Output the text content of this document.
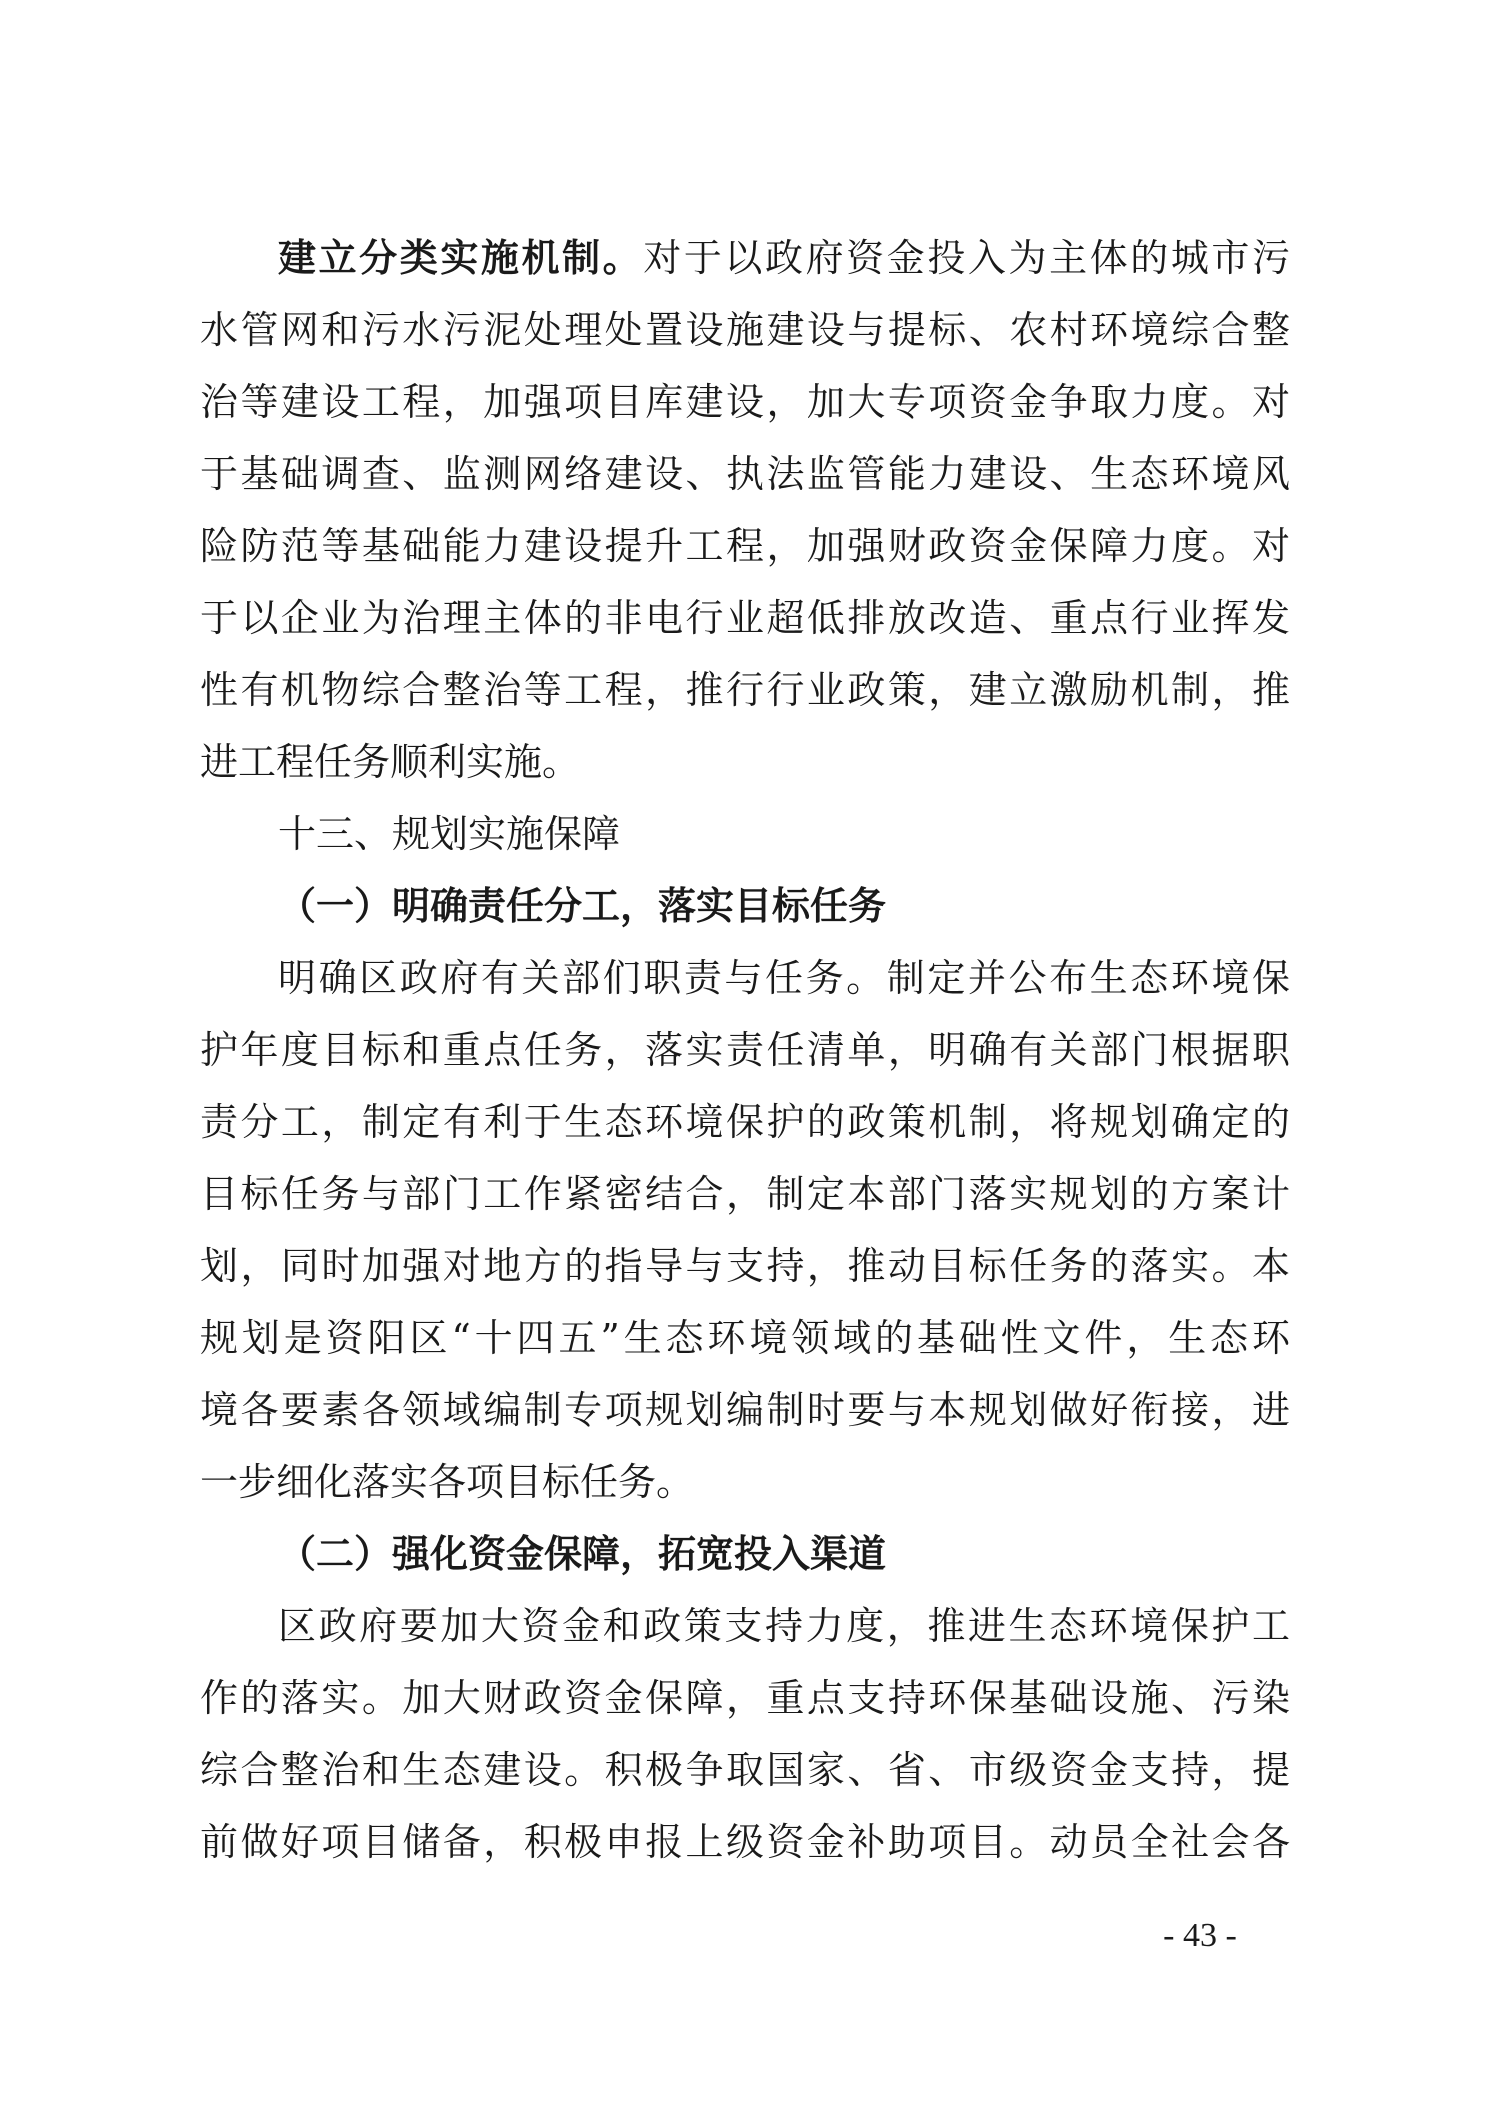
建立分类实施机制。对于以政府资金投入为主体的城市污
水管网和污水污泥处理处置设施建设与提标、农村环境综合整
治等建设工程，加强项目库建设，加大专项资金争取力度。对
于基础调查、监测网络建设、执法监管能力建设、生态环境风
险防范等基础能力建设提升工程，加强财政资金保障力度。对
于以企业为治理主体的非电行业超低排放改造、重点行业挥发
性有机物综合整治等工程，推行行业政策，建立激励机制，推
进工程任务顺利实施。
十三、规划实施保障
（一）明确责任分工，落实目标任务
明确区政府有关部们职责与任务。制定并公布生态环境保
护年度目标和重点任务，落实责任清单，明确有关部门根据职
责分工，制定有利于生态环境保护的政策机制，将规划确定的
目标任务与部门工作紧密结合，制定本部门落实规划的方案计
划，同时加强对地方的指导与支持，推动目标任务的落实。本
规划是资阳区“十四五”生态环境领域的基础性文件，生态环
境各要素各领域编制专项规划编制时要与本规划做好衔接，进
一步细化落实各项目标任务。
（二）强化资金保障，拓宽投入渠道
区政府要加大资金和政策支持力度，推进生态环境保护工
作的落实。加大财政资金保障，重点支持环保基础设施、污染
综合整治和生态建设。积极争取国家、省、市级资金支持，提
前做好项目储备，积极申报上级资金补助项目。动员全社会各
- 43 -
